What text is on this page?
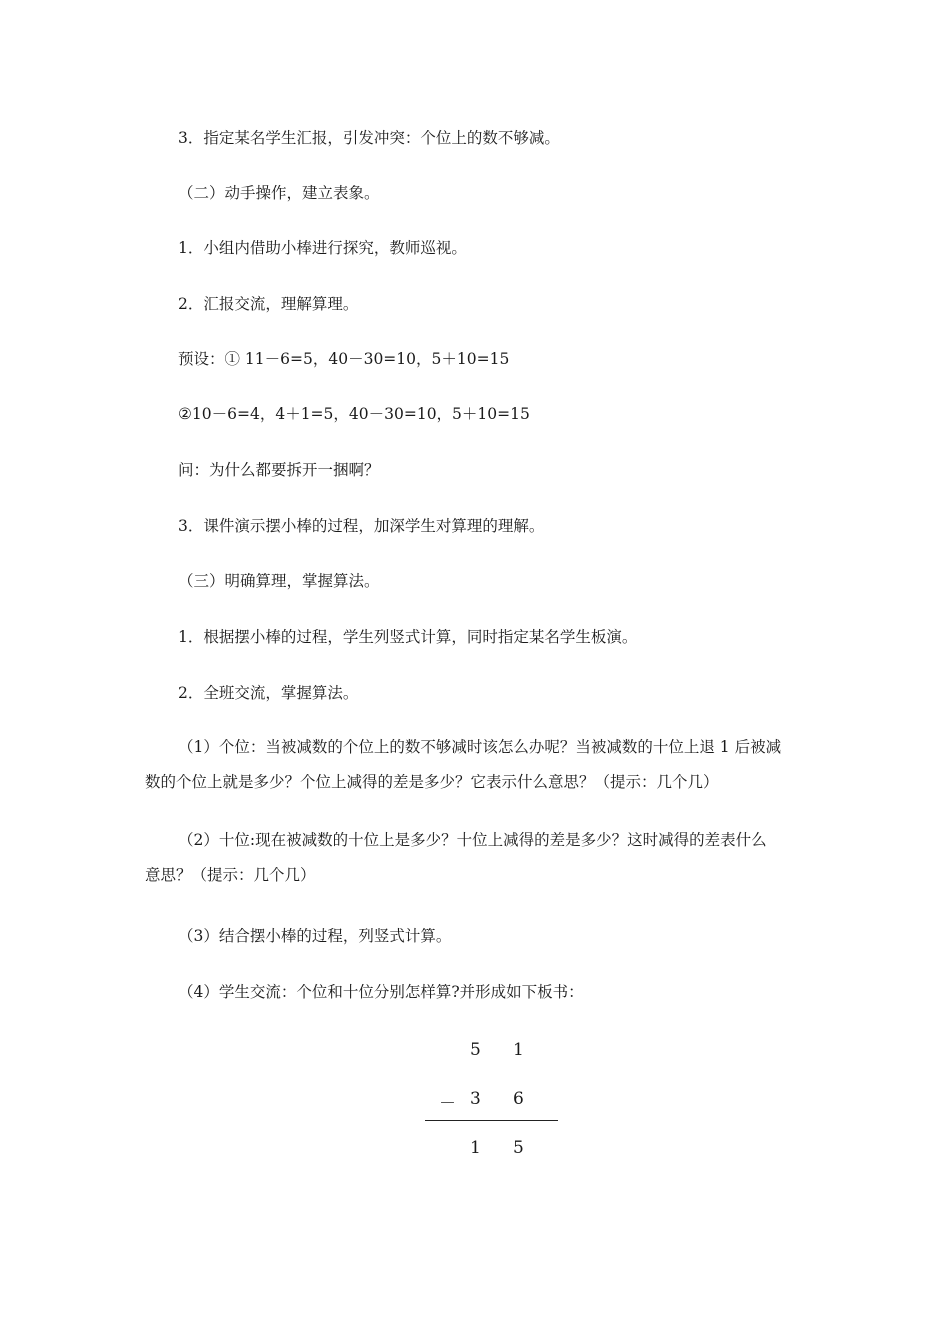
3．指定某名学生汇报，引发冲突：个位上的数不够减。
（二）动手操作，建立表象。
1．小组内借助小棒进行探究，教师巡视。
2．汇报交流，理解算理。
预设：① 11－6=5，40－30=10，5＋10=15
②10－6=4，4＋1=5，40－30=10，5＋10=15
问：为什么都要拆开一捆啊？
3．课件演示摆小棒的过程，加深学生对算理的理解。
（三）明确算理，掌握算法。
1．根据摆小棒的过程，学生列竖式计算，同时指定某名学生板演。
2．全班交流，掌握算法。
（1）个位：当被减数的个位上的数不够减时该怎么办呢？当被减数的十位上退 1 后被减
数的个位上就是多少？个位上减得的差是多少？它表示什么意思？（提示：几个几）
（2）十位:现在被减数的十位上是多少？十位上减得的差是多少？这时减得的差表什么
意思？（提示：几个几）
（3）结合摆小棒的过程，列竖式计算。
（4）学生交流：个位和十位分别怎样算?并形成如下板书：
5 1
－ 3 6
1 5
